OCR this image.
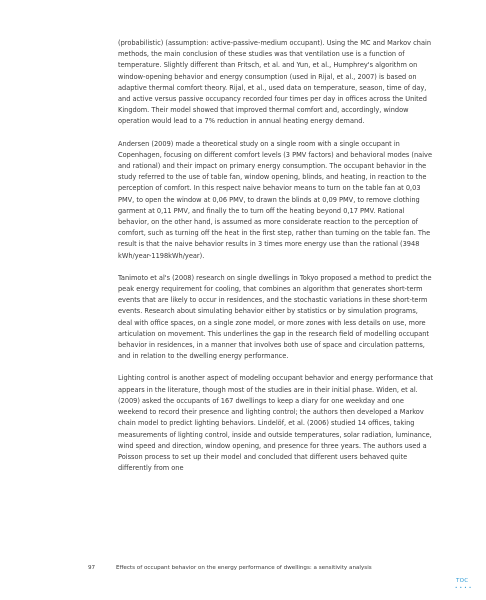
(probabilistic) (assumption: active-passive-medium occupant). Using the MC and Markov chain methods, the main conclusion of these studies was that ventilation use is a function of temperature. Slightly different than Fritsch, et al. and Yun, et al., Humphrey's algorithm on window-opening behavior and energy consumption (used in Rijal, et al., 2007) is based on adaptive thermal comfort theory. Rijal, et al., used data on temperature, season, time of day, and active versus passive occupancy recorded four times per day in offices across the United Kingdom. Their model showed that improved thermal comfort and, accordingly, window operation would lead to a 7% reduction in annual heating energy demand.

Andersen (2009) made a theoretical study on a single room with a single occupant in Copenhagen, focusing on different comfort levels (3 PMV factors) and behavioral modes (naive and rational) and their impact on primary energy consumption. The occupant behavior in the study referred to the use of table fan, window opening, blinds, and heating, in reaction to the perception of comfort. In this respect naive behavior means to turn on the table fan at 0,03 PMV, to open the window at 0,06 PMV, to drawn the blinds at 0,09 PMV, to remove clothing garment at 0,11 PMV, and finally the to turn off the heating beyond 0,17 PMV. Rational behavior, on the other hand, is assumed as more considerate reaction to the perception of comfort, such as turning off the heat in the first step, rather than turning on the table fan. The result is that the naive behavior results in 3 times more energy use than the rational (3948 kWh/year-1198kWh/year).

Tanimoto et al's (2008) research on single dwellings in Tokyo proposed a method to predict the peak energy requirement for cooling, that combines an algorithm that generates short-term events that are likely to occur in residences, and the stochastic variations in these short-term events. Research about simulating behavior either by statistics or by simulation programs, deal with office spaces, on a single zone model, or more zones with less details on use, more articulation on movement. This underlines the gap in the research field of modelling occupant behavior in residences, in a manner that involves both use of space and circulation patterns, and in relation to the dwelling energy performance.

Lighting control is another aspect of modeling occupant behavior and energy performance that appears in the literature, though most of the studies are in their initial phase. Widen, et al. (2009) asked the occupants of 167 dwellings to keep a diary for one weekday and one weekend to record their presence and lighting control; the authors then developed a Markov chain model to predict lighting behaviors. Lindelöf, et al. (2006) studied 14 offices, taking measurements of lighting control, inside and outside temperatures, solar radiation, luminance, wind speed and direction, window opening, and presence for three years. The authors used a Poisson process to set up their model and concluded that different users behaved quite differently from one

97	Effects of occupant behavior on the energy performance of dwellings: a sensitivity analysis
TOC
• • • •
